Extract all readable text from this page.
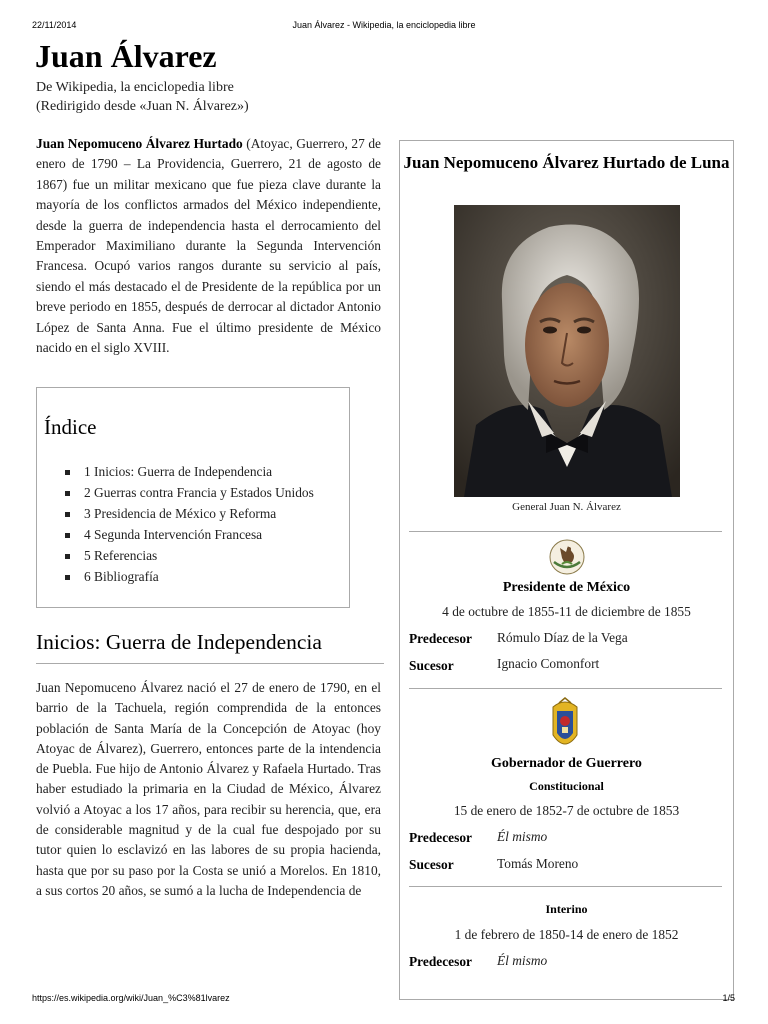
22/11/2014	Juan Álvarez - Wikipedia, la enciclopedia libre
Juan Álvarez
De Wikipedia, la enciclopedia libre
(Redirigido desde «Juan N. Álvarez»)

Juan Nepomuceno Álvarez Hurtado (Atoyac, Guerrero, 27 de enero de 1790 – La Providencia, Guerrero, 21 de agosto de 1867) fue un militar mexicano que fue pieza clave durante la mayoría de los conflictos armados del México independiente, desde la guerra de independencia hasta el derrocamiento del Emperador Maximiliano durante la Segunda Intervención Francesa. Ocupó varios rangos durante su servicio al país, siendo el más destacado el de Presidente de la república por un breve periodo en 1855, después de derrocar al dictador Antonio López de Santa Anna. Fue el último presidente de México nacido en el siglo XVIII.

Índice
1 Inicios: Guerra de Independencia
2 Guerras contra Francia y Estados Unidos
3 Presidencia de México y Reforma
4 Segunda Intervención Francesa
5 Referencias
6 Bibliografía
Inicios: Guerra de Independencia

Juan Nepomuceno Álvarez nació el 27 de enero de 1790, en el barrio de la Tachuela, región comprendida de la entonces población de Santa María de la Concepción de Atoyac (hoy Atoyac de Álvarez), Guerrero, entonces parte de la intendencia de Puebla. Fue hijo de Antonio Álvarez y Rafaela Hurtado. Tras haber estudiado la primaria en la Ciudad de México, Álvarez volvió a Atoyac a los 17 años, para recibir su herencia, que, era de considerable magnitud y de la cual fue despojado por su tutor quien lo esclavizó en las labores de su propia hacienda, hasta que por su paso por la Costa se unió a Morelos. En 1810, a sus cortos 20 años, se sumó a la lucha de Independencia de

Juan Nepomuceno Álvarez Hurtado de Luna
General Juan N. Álvarez
Presidente de México
4 de octubre de 1855-11 de diciembre de 1855
Predecesor Rómulo Díaz de la Vega
Sucesor	Ignacio Comonfort
Gobernador de Guerrero
Constitucional
15 de enero de 1852-7 de octubre de 1853
Predecesor Él mismo
Sucesor	Tomás Moreno
Interino
1 de febrero de 1850-14 de enero de 1852
Predecesor Él mismo
https://es.wikipedia.org/wiki/Juan_%C3%81lvarez	1/5
